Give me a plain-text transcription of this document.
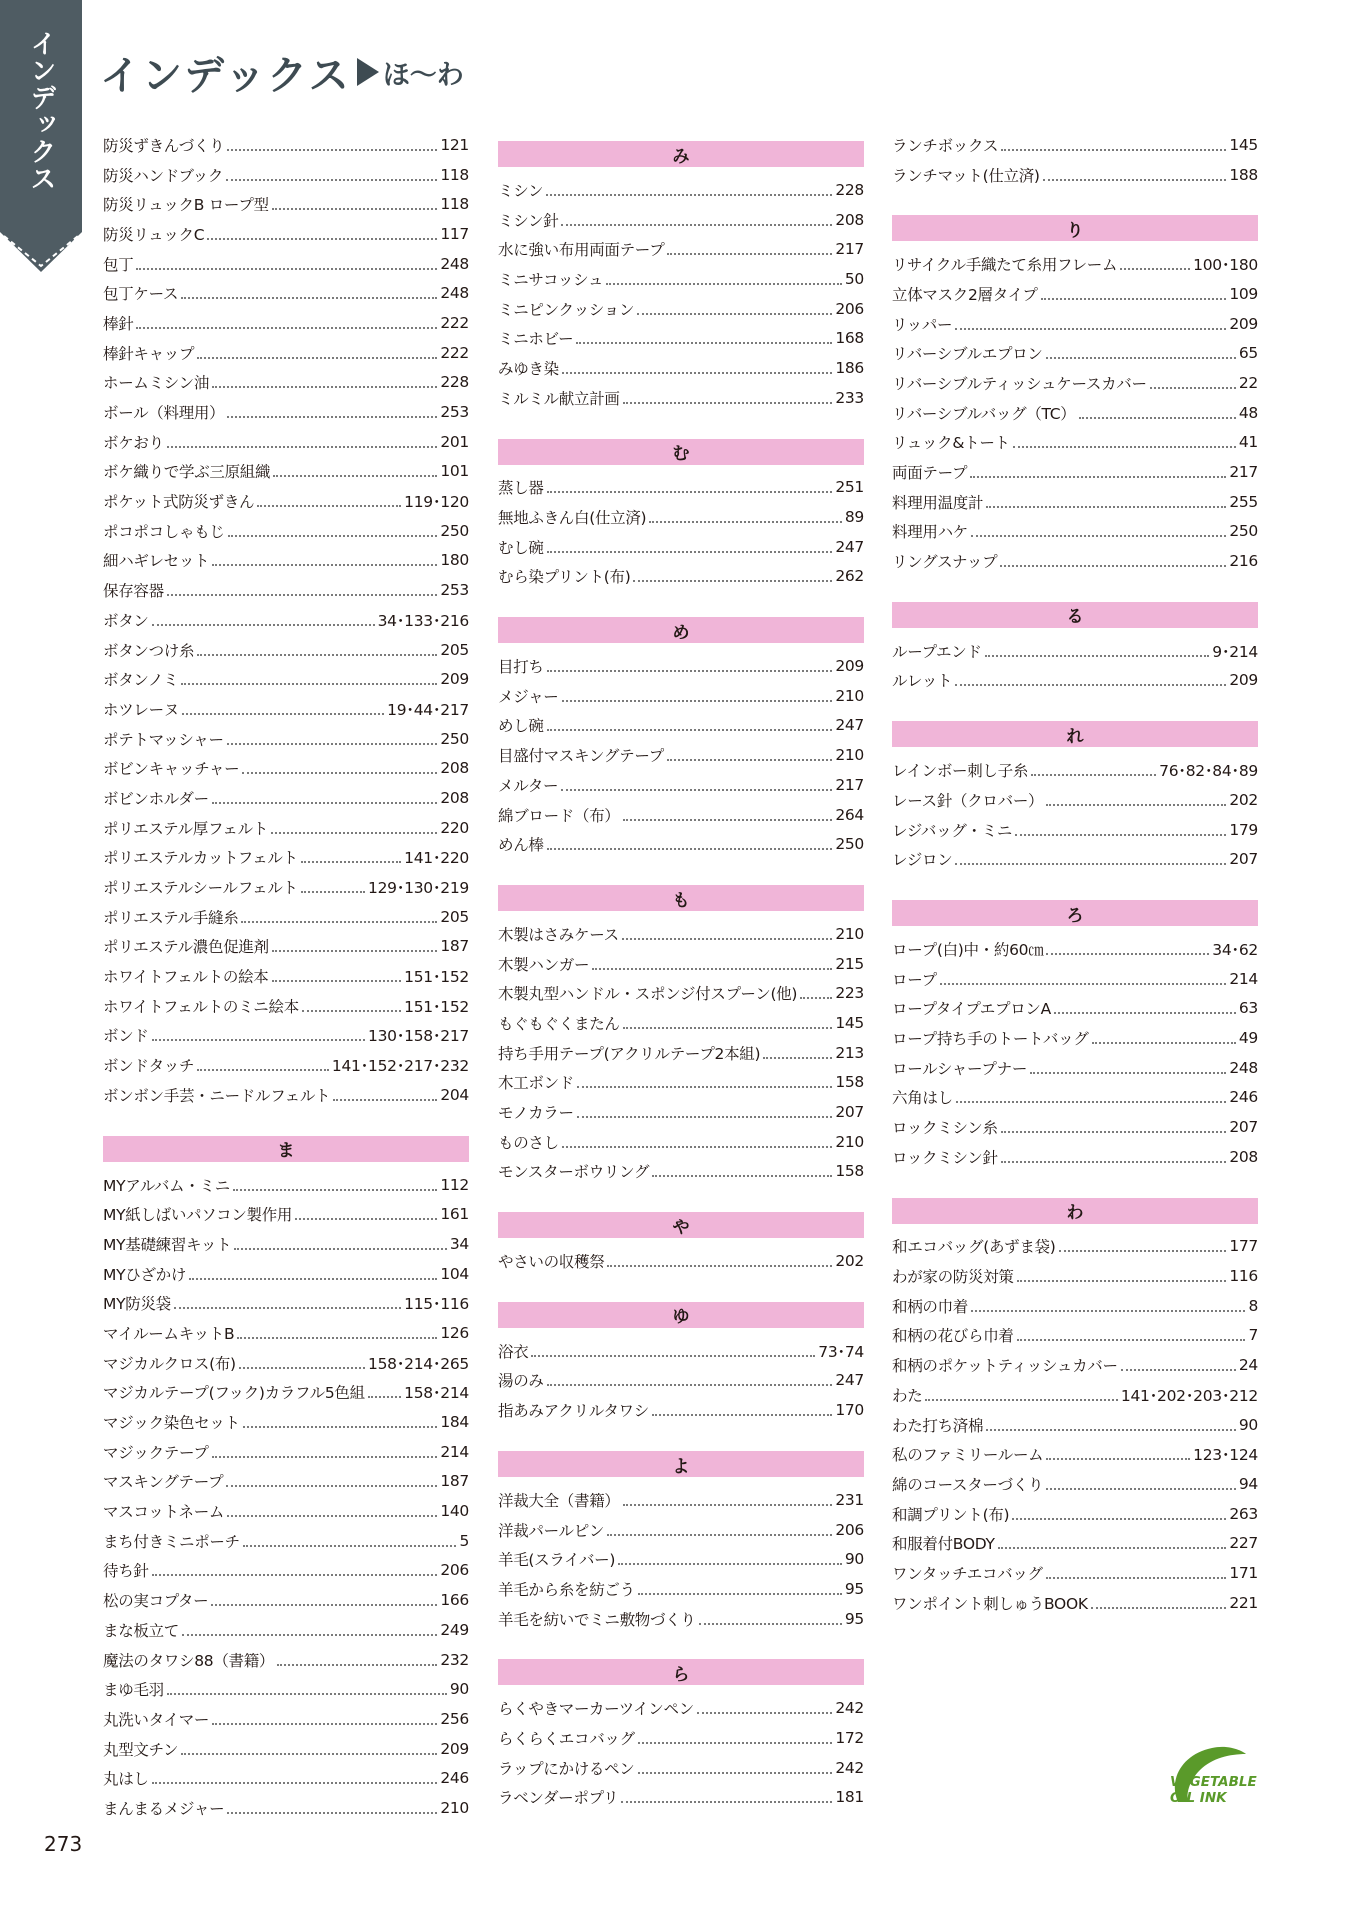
インデックス	インデックス ほ〜わ
防災ずきんづくり	121
防災ハンドブック	118
防災リュックB ロープ型	118
防災リュックC	117
包丁	248
包丁ケース	248
棒針	222
棒針キャップ	222
ホームミシン油	228
ボール（料理用）	253
ボケおり	201
ボケ織りで学ぶ三原組織	101
ポケット式防災ずきん	119･120
ポコポコしゃもじ	250
細ハギレセット	180
保存容器	253
ボタン	34･133･216
ボタンつけ糸	205
ボタンノミ	209
ホツレーヌ	19･44･217
ポテトマッシャー	250
ボビンキャッチャー	208
ボビンホルダー	208
ポリエステル厚フェルト	220
ポリエステルカットフェルト	141･220
ポリエステルシールフェルト	129･130･219
ポリエステル手縫糸	205
ポリエステル濃色促進剤	187
ホワイトフェルトの絵本	151･152
ホワイトフェルトのミニ絵本	151･152
ボンド	130･158･217
ボンドタッチ	141･152･217･232
ボンボン手芸・ニードルフェルト	204
ま
MYアルバム・ミニ	112
MY紙しばいパソコン製作用	161
MY基礎練習キット	34
MYひざかけ	104
MY防災袋	115･116
マイルームキットB	126
マジカルクロス(布)	158･214･265
マジカルテープ(フック)カラフル5色組	158･214
マジック染色セット	184
マジックテープ	214
マスキングテープ	187
マスコットネーム	140
まち付きミニポーチ	5
待ち針	206
松の実コプター	166
まな板立て	249
魔法のタワシ88（書籍）	232
まゆ毛羽	90
丸洗いタイマー	256
丸型文チン	209
丸はし	246
まんまるメジャー	210
み
ミシン	228
ミシン針	208
水に強い布用両面テープ	217
ミニサコッシュ	50
ミニピンクッション	206
ミニホビー	168
みゆき染	186
ミルミル献立計画	233
む
蒸し器	251
無地ふきん白(仕立済)	89
むし碗	247
むら染プリント(布)	262
め
目打ち	209
メジャー	210
めし碗	247
目盛付マスキングテープ	210
メルター	217
綿ブロード（布）	264
めん棒	250
も
木製はさみケース	210
木製ハンガー	215
木製丸型ハンドル・スポンジ付スプーン(他) 223
もぐもぐくまたん	145
持ち手用テープ(アクリルテープ2本組)	213
木工ボンド	158
モノカラー	207
ものさし	210
モンスターボウリング	158
や
やさいの収穫祭	202
ゆ
浴衣	73･74
湯のみ	247
指あみアクリルタワシ	170
よ
洋裁大全（書籍）	231
洋裁パールピン	206
羊毛(スライバー)	90
羊毛から糸を紡ごう	95
羊毛を紡いでミニ敷物づくり	95
ら
らくやきマーカーツインペン	242
らくらくエコバッグ	172
ラップにかけるペン	242
ラベンダーポプリ	181
ランチボックス	145
ランチマット(仕立済)	188
り
リサイクル手織たて糸用フレーム	100･180
立体マスク2層タイプ	109
リッパー	209
リバーシブルエプロン	65
リバーシブルティッシュケースカバー	22
リバーシブルバッグ（TC）	48
リュック&トート	41
両面テープ	217
料理用温度計	255
料理用ハケ	250
リングスナップ	216
る
ループエンド	9･214
ルレット	209
れ
レインボー刺し子糸	76･82･84･89
レース針（クロバー）	202
レジバッグ・ミニ	179
レジロン	207
ろ
ロープ(白)中・約60㎝	34･62
ロープ	214
ロープタイプエプロンA	63
ロープ持ち手のトートバッグ	49
ロールシャープナー	248
六角はし	246
ロックミシン糸	207
ロックミシン針	208
わ
和エコバッグ(あずま袋)	177
わが家の防災対策	116
和柄の巾着	8
和柄の花びら巾着	7
和柄のポケットティッシュカバー	24
わた	141･202･203･212
わた打ち済棉	90
私のファミリールーム	123･124
綿のコースターづくり	94
和調プリント(布)	263
和服着付BODY	227
ワンタッチエコバッグ	171
ワンポイント刺しゅうBOOK	221
273
VEGETABLE
OIL INK
